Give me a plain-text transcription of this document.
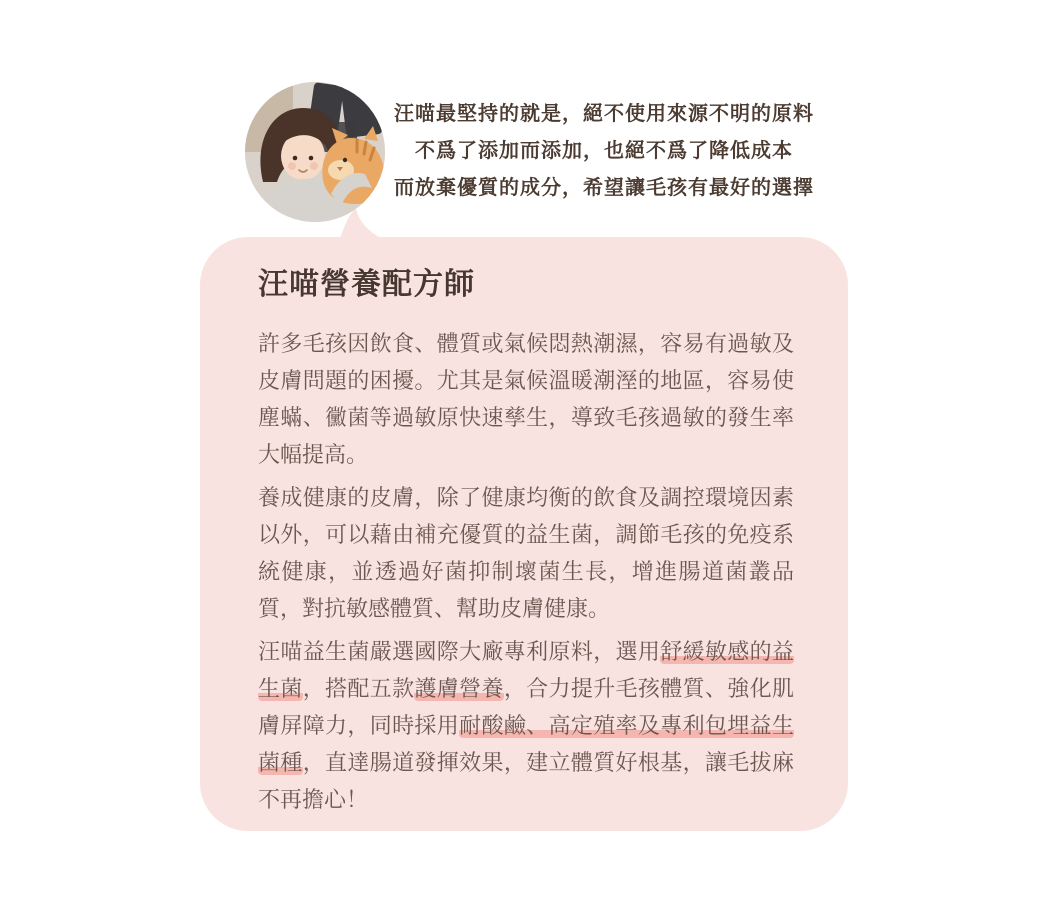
汪喵最堅持的就是，絕不使用來源不明的原料
不爲了添加而添加，也絕不爲了降低成本
而放棄優質的成分，希望讓毛孩有最好的選擇
汪喵營養配方師

許多毛孩因飲食、體質或氣候悶熱潮濕，容易有過敏及皮膚問題的困擾。尤其是氣候溫暖潮溼的地區，容易使塵蟎、黴菌等過敏原快速孳生，導致毛孩過敏的發生率大幅提高。

養成健康的皮膚，除了健康均衡的飲食及調控環境因素以外，可以藉由補充優質的益生菌，調節毛孩的免疫系統健康，並透過好菌抑制壞菌生長，增進腸道菌叢品質，對抗敏感體質、幫助皮膚健康。

汪喵益生菌嚴選國際大廠專利原料，選用舒緩敏感的益生菌，搭配五款護膚營養，合力提升毛孩體質、強化肌膚屏障力，同時採用耐酸鹼、高定殖率及專利包埋益生菌種，直達腸道發揮效果，建立體質好根基，讓毛拔麻不再擔心！
